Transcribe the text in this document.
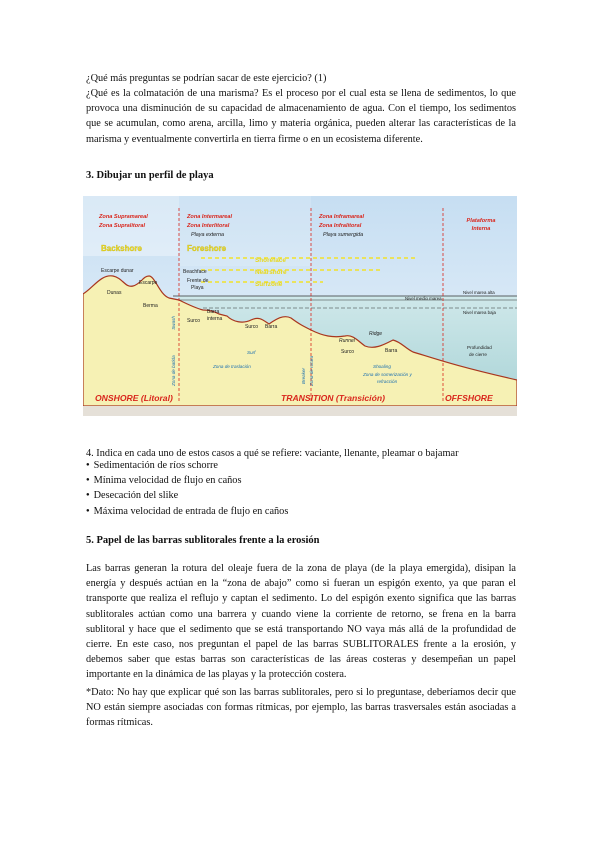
¿Qué más preguntas se podrían sacar de este ejercicio? (1)

¿Qué es la colmatación de una marisma? Es el proceso por el cual esta se llena de sedimentos, lo que provoca una disminución de su capacidad de almacenamiento de agua. Con el tiempo, los sedimentos que se acumulan, como arena, arcilla, limo y materia orgánica, pueden alterar las características de la marisma y eventualmente convertirla en tierra firme o en un ecosistema diferente.

3. Dibujar un perfil de playa

Zona Supramareal
Zona Supralitoral
Zona Intermareal
Zona Interlitoral
Zona Inframareal
Zona Infralitoral
Plataforma
Interna
Playa externa	Playa sumergida
Backshore	Foreshore
Shoreface
Nearshore
Surfzone
Escarpe dunar
Escarpe
Dunas
Berma
Beachface
Frente de
Playa
Surco
Barra
interna
Surco Barra
Ridge
Runnel
Surco	Barra
Nivel medio marea
Nivel marea alta
Nivel marea baja
Profundidad
de cierre
Swash
Zona de batida
Surf
Zona de traslación
Breaker Zona de rotura	Shoaling
Zona de somerización y
refracción
ONSHORE (Litoral)	TRANSITION (Transición)	OFFSHORE

4. Indica en cada uno de estos casos a qué se refiere: vaciante, llenante, pleamar o bajamar

● Sedimentación de ríos schorre
● Mínima velocidad de flujo en caños
● Desecación del slike
● Máxima velocidad de entrada de flujo en caños

5. Papel de las barras sublitorales frente a la erosión

Las barras generan la rotura del oleaje fuera de la zona de playa (de la playa emergida), disipan la energía y después actúan en la “zona de abajo” como si fueran un espigón exento, ya que paran el transporte que realiza el reflujo y captan el sedimento. Lo del espigón exento significa que las barras sublitorales actúan como una barrera y cuando viene la corriente de retorno, se frena en la barra sublitoral y hace que el sedimento que se está transportando NO vaya más allá de la profundidad de cierre. En este caso, nos preguntan el papel de las barras SUBLITORALES frente a la erosión, y debemos saber que estas barras son características de las áreas costeras y desempeñan un papel importante en la dinámica de las playas y la protección costera.

*Dato: No hay que explicar qué son las barras sublitorales, pero si lo preguntase, deberíamos decir que NO están siempre asociadas con formas rítmicas, por ejemplo, las barras trasversales están asociadas a formas rítmicas.
